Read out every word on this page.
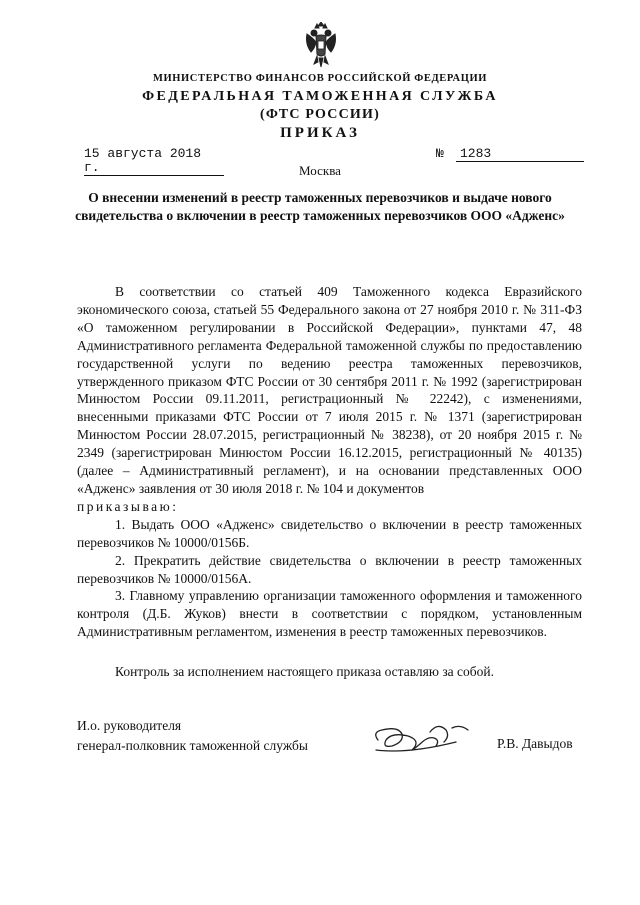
МИНИСТЕРСТВО ФИНАНСОВ РОССИЙСКОЙ ФЕДЕРАЦИИ
ФЕДЕРАЛЬНАЯ ТАМОЖЕННАЯ СЛУЖБА
(ФТС РОССИИ)
ПРИКАЗ
15 августа 2018 г.
№ 1283
Москва
О внесении изменений в реестр таможенных перевозчиков и выдаче нового свидетельства о включении в реестр таможенных перевозчиков ООО «Адженс»

В соответствии со статьей 409 Таможенного кодекса Евразийского экономического союза, статьей 55 Федерального закона от 27 ноября 2010 г. № 311-ФЗ «О таможенном регулировании в Российской Федерации», пунктами 47, 48 Административного регламента Федеральной таможенной службы по предоставлению государственной услуги по ведению реестра таможенных перевозчиков, утвержденного приказом ФТС России от 30 сентября 2011 г. № 1992 (зарегистрирован Минюстом России 09.11.2011, регистрационный № 22242), с изменениями, внесенными приказами ФТС России от 7 июля 2015 г. № 1371 (зарегистрирован Минюстом России 28.07.2015, регистрационный № 38238), от 20 ноября 2015 г. № 2349 (зарегистрирован Минюстом России 16.12.2015, регистрационный № 40135) (далее – Административный регламент), и на основании представленных ООО «Адженс» заявления от 30 июля 2018 г. № 104 и документов

приказываю:

1. Выдать ООО «Адженс» свидетельство о включении в реестр таможенных перевозчиков № 10000/0156Б.

2. Прекратить действие свидетельства о включении в реестр таможенных перевозчиков № 10000/0156А.

3. Главному управлению организации таможенного оформления и таможенного контроля (Д.Б. Жуков) внести в соответствии с порядком, установленным Административным регламентом, изменения в реестр таможенных перевозчиков.

Контроль за исполнением настоящего приказа оставляю за собой.
И.о. руководителя
генерал-полковник таможенной службы	Р.В. Давыдов
